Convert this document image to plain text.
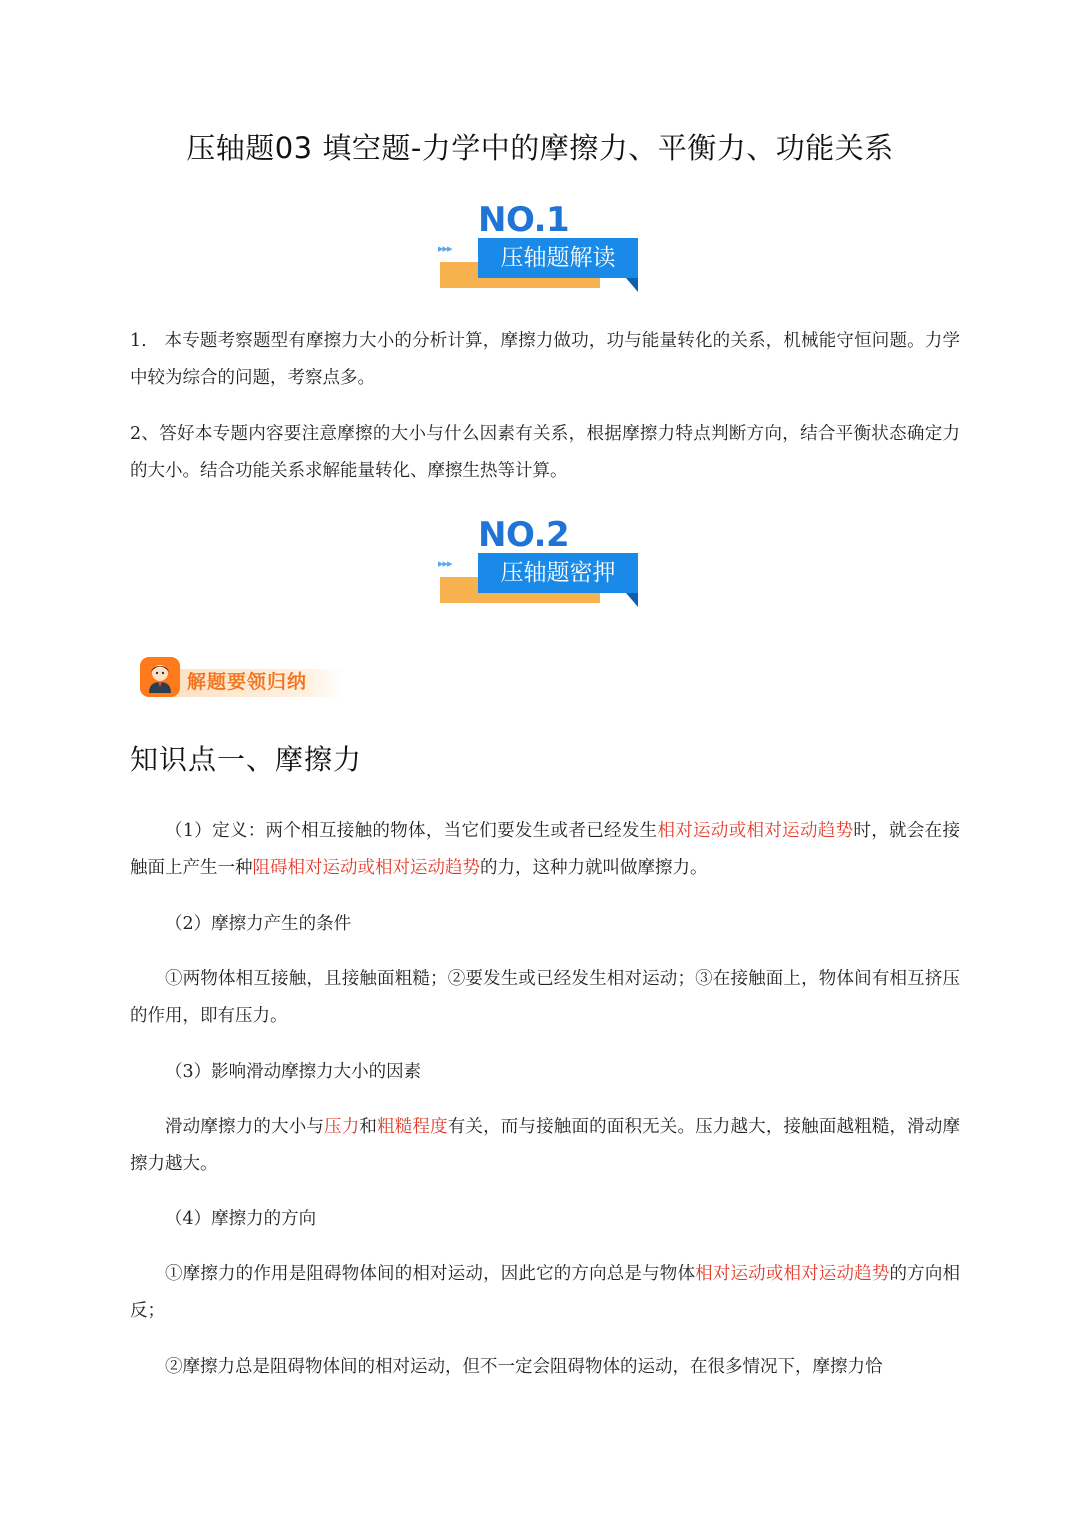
压轴题03 填空题-力学中的摩擦力、平衡力、功能关系
▸▸▸	压轴题解读
NO.1

1.　本专题考察题型有摩擦力大小的分析计算，摩擦力做功，功与能量转化的关系，机械能守恒问题。力学中较为综合的问题，考察点多。

2、答好本专题内容要注意摩擦的大小与什么因素有关系，根据摩擦力特点判断方向，结合平衡状态确定力的大小。结合功能关系求解能量转化、摩擦生热等计算。

▸▸▸	压轴题密押
NO.2
解题要领归纳
知识点一、摩擦力

（1）定义：两个相互接触的物体，当它们要发生或者已经发生相对运动或相对运动趋势时，就会在接触面上产生一种阻碍相对运动或相对运动趋势的力，这种力就叫做摩擦力。

（2）摩擦力产生的条件

①两物体相互接触，且接触面粗糙；②要发生或已经发生相对运动；③在接触面上，物体间有相互挤压的作用，即有压力。

（3）影响滑动摩擦力大小的因素

滑动摩擦力的大小与压力和粗糙程度有关，而与接触面的面积无关。压力越大，接触面越粗糙，滑动摩擦力越大。

（4）摩擦力的方向

①摩擦力的作用是阻碍物体间的相对运动，因此它的方向总是与物体相对运动或相对运动趋势的方向相反；

②摩擦力总是阻碍物体间的相对运动，但不一定会阻碍物体的运动，在很多情况下，摩擦力恰
